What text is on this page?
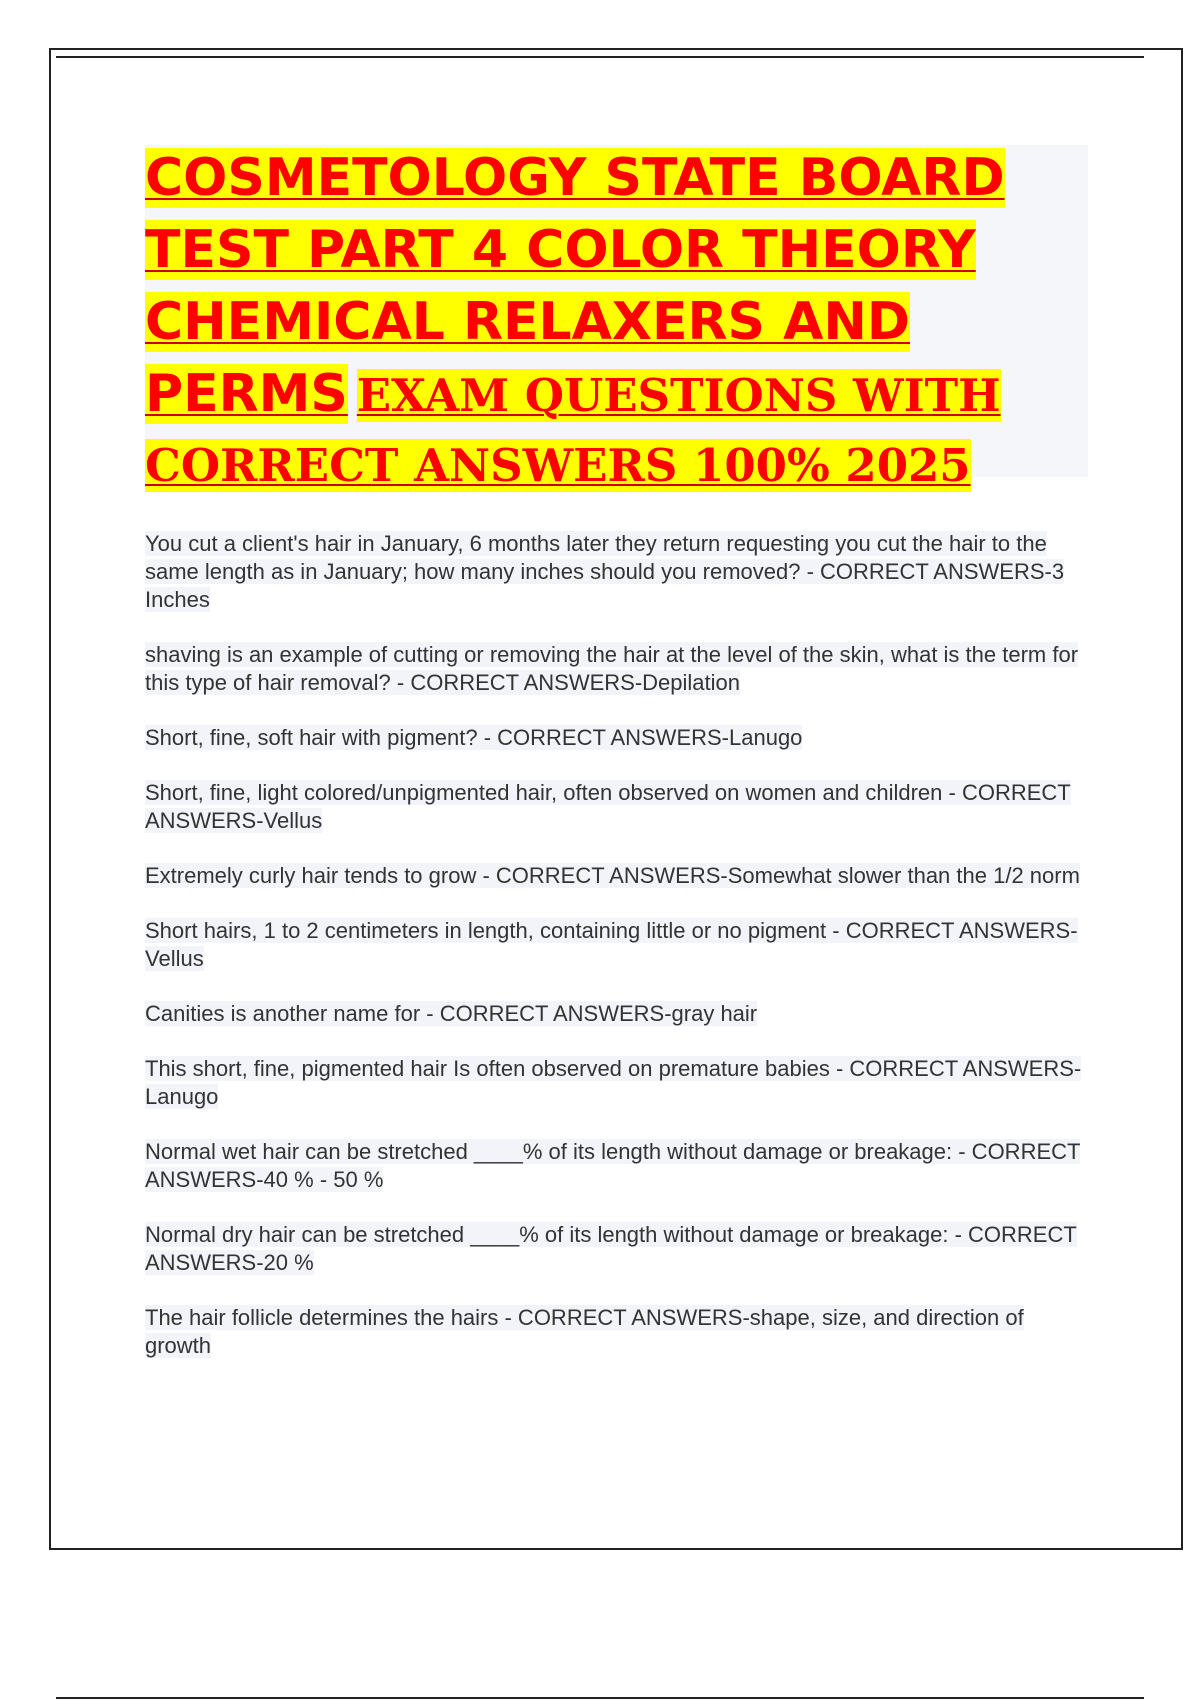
COSMETOLOGY STATE BOARD TEST PART 4 COLOR THEORY CHEMICAL RELAXERS AND PERMS EXAM QUESTIONS WITH CORRECT ANSWERS 100% 2025
You cut a client's hair in January, 6 months later they return requesting you cut the hair to the same length as in January; how many inches should you removed? - CORRECT ANSWERS-3 Inches
shaving is an example of cutting or removing the hair at the level of the skin, what is the term for this type of hair removal? - CORRECT ANSWERS-Depilation
Short, fine, soft hair with pigment? - CORRECT ANSWERS-Lanugo
Short, fine, light colored/unpigmented hair, often observed on women and children - CORRECT ANSWERS-Vellus
Extremely curly hair tends to grow - CORRECT ANSWERS-Somewhat slower than the 1/2 norm
Short hairs, 1 to 2 centimeters in length, containing little or no pigment - CORRECT ANSWERS-Vellus
Canities is another name for - CORRECT ANSWERS-gray hair
This short, fine, pigmented hair Is often observed on premature babies - CORRECT ANSWERS-Lanugo
Normal wet hair can be stretched ____% of its length without damage or breakage: - CORRECT ANSWERS-40 % - 50 %
Normal dry hair can be stretched ____% of its length without damage or breakage: - CORRECT ANSWERS-20 %
The hair follicle determines the hairs - CORRECT ANSWERS-shape, size, and direction of growth
